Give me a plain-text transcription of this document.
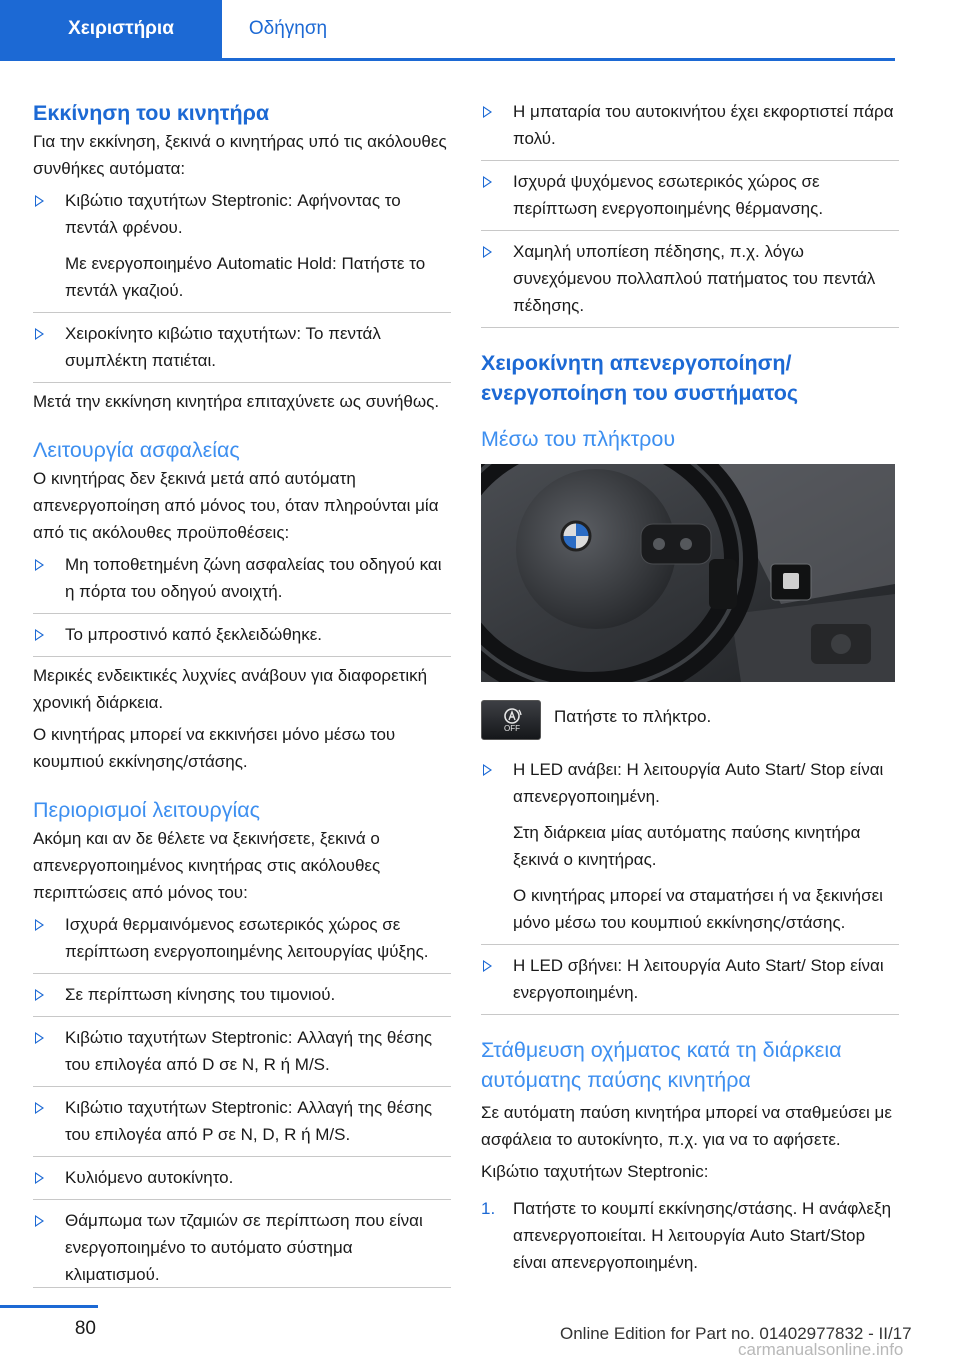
Χειριστήρια	Οδήγηση
Εκκίνηση του κινητήρα
Για την εκκίνηση, ξεκινά ο κινητήρας υπό τις ακόλουθες συνθήκες αυτόματα:
Κιβώτιο ταχυτήτων Steptronic: Αφήνοντας το πεντάλ φρένου.
Με ενεργοποιημένο Automatic Hold: Πατήστε το πεντάλ γκαζιού.
Χειροκίνητο κιβώτιο ταχυτήτων: Το πεντάλ συμπλέκτη πατιέται.
Μετά την εκκίνηση κινητήρα επιταχύνετε ως συνήθως.
Λειτουργία ασφαλείας
Ο κινητήρας δεν ξεκινά μετά από αυτόματη απενεργοποίηση από μόνος του, όταν πληρούνται μία από τις ακόλουθες προϋποθέσεις:
Μη τοποθετημένη ζώνη ασφαλείας του οδηγού και η πόρτα του οδηγού ανοιχτή.
Το μπροστινό καπό ξεκλειδώθηκε.
Μερικές ενδεικτικές λυχνίες ανάβουν για διαφορετική χρονική διάρκεια.
Ο κινητήρας μπορεί να εκκινήσει μόνο μέσω του κουμπιού εκκίνησης/στάσης.
Περιορισμοί λειτουργίας
Ακόμη και αν δε θέλετε να ξεκινήσετε, ξεκινά ο απενεργοποιημένος κινητήρας στις ακόλουθες περιπτώσεις από μόνος του:
Ισχυρά θερμαινόμενος εσωτερικός χώρος σε περίπτωση ενεργοποιημένης λειτουργίας ψύξης.
Σε περίπτωση κίνησης του τιμονιού.
Κιβώτιο ταχυτήτων Steptronic: Αλλαγή της θέσης του επιλογέα από D σε N, R ή M/S.
Κιβώτιο ταχυτήτων Steptronic: Αλλαγή της θέσης του επιλογέα από P σε N, D, R ή M/S.
Κυλιόμενο αυτοκίνητο.
Θάμπωμα των τζαμιών σε περίπτωση που είναι ενεργοποιημένο το αυτόματο σύστημα κλιματισμού.
Η μπαταρία του αυτοκινήτου έχει εκφορτιστεί πάρα πολύ.
Ισχυρά ψυχόμενος εσωτερικός χώρος σε περίπτωση ενεργοποιημένης θέρμανσης.
Χαμηλή υποπίεση πέδησης, π.χ. λόγω συνεχόμενου πολλαπλού πατήματος του πεντάλ πέδησης.
Χειροκίνητη απενεργοποίηση/ ενεργοποίηση του συστήματος
Μέσω του πλήκτρου
OFF
Πατήστε το πλήκτρο.
Η LED ανάβει: Η λειτουργία Auto Start/ Stop είναι απενεργοποιημένη.
Στη διάρκεια μίας αυτόματης παύσης κινητήρα ξεκινά ο κινητήρας.
Ο κινητήρας μπορεί να σταματήσει ή να ξεκινήσει μόνο μέσω του κουμπιού εκκίνησης/στάσης.
Η LED σβήνει: Η λειτουργία Auto Start/ Stop είναι ενεργοποιημένη.
Στάθμευση οχήματος κατά τη διάρκεια αυτόματης παύσης κινητήρα
Σε αυτόματη παύση κινητήρα μπορεί να σταθμεύσει με ασφάλεια το αυτοκίνητο, π.χ. για να το αφήσετε.
Κιβώτιο ταχυτήτων Steptronic:
1. Πατήστε το κουμπί εκκίνησης/στάσης. Η ανάφλεξη απενεργοποιείται. Η λειτουργία Auto Start/Stop είναι απενεργοποιημένη.
80	Online Edition for Part no. 01402977832 - II/17
carmanualsonline.info
